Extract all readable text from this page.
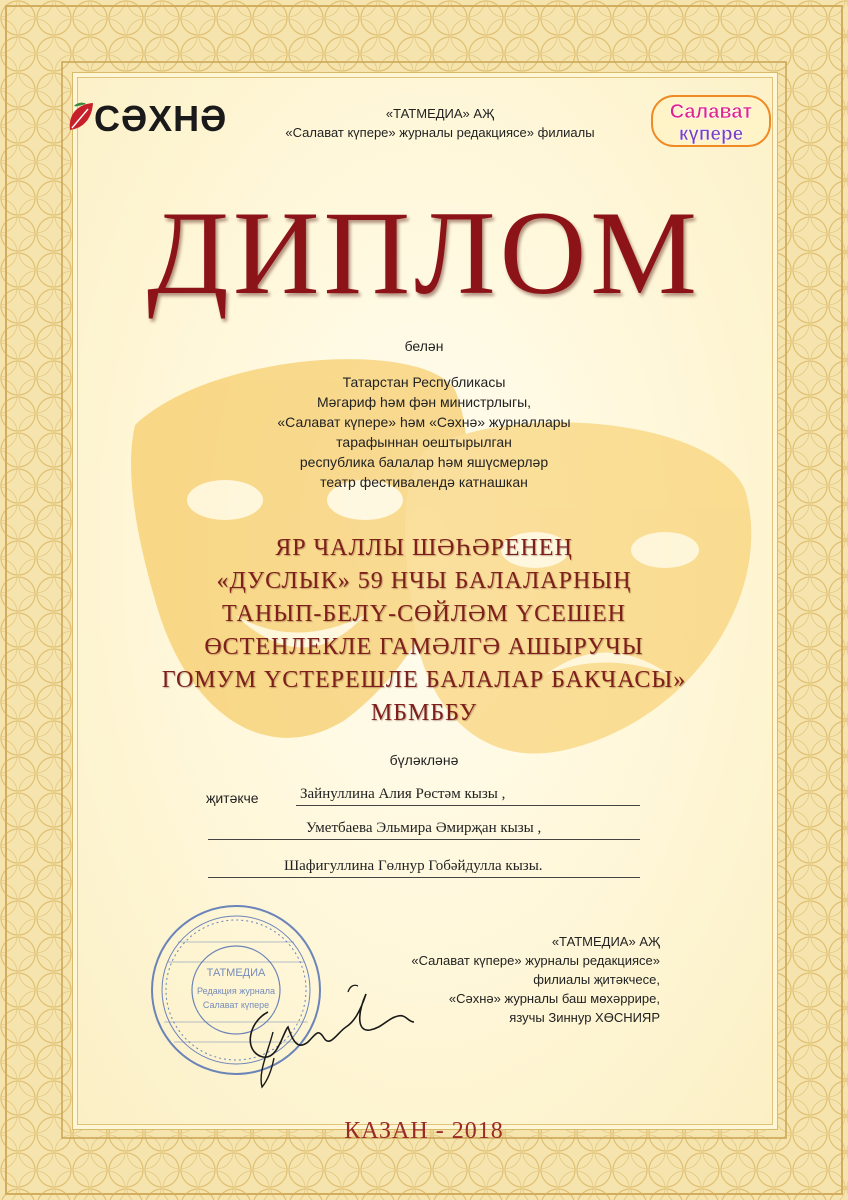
СӘХНӘ	«ТАТМЕДИА» АҖ
«Салават күпере» журналы редакциясе» филиалы
Салават
күпере
ДИПЛОМ
белән
Татарстан Республикасы
Мәгариф һәм фән министрлыгы,
«Салават күпере» һәм «Сәхнә» журналлары
тарафыннан оештырылган
республика балалар һәм яшүсмерләр
театр фестивалендә катнашкан
ЯР ЧАЛЛЫ ШӘҺӘРЕНЕҢ
«ДУСЛЫК» 59 НЧЫ БАЛАЛАРНЫҢ
ТАНЫП-БЕЛҮ-СӨЙЛӘМ ҮСЕШЕН
ӨСТЕНЛЕКЛЕ ГАМӘЛГӘ АШЫРУЧЫ
ГОМУМ ҮСТЕРЕШЛЕ БАЛАЛАР БАКЧАСЫ»
МБМББУ
бүләкләнә
җитәкче	Зайнуллина Алия Рөстәм кызы ,
Уметбаева Эльмира Әмирҗан кызы ,
Шафигуллина Гөлнур Гобәйдулла кызы.
ТАТМЕДИА
Редакция журнала
Салават күпере
«ТАТМЕДИА» АҖ
«Салават күпере» журналы редакциясе»
филиалы җитәкчесе,
«Сәхнә» журналы баш мөхәррире,
язучы Зиннур ХӨСНИЯР
КАЗАН - 2018
